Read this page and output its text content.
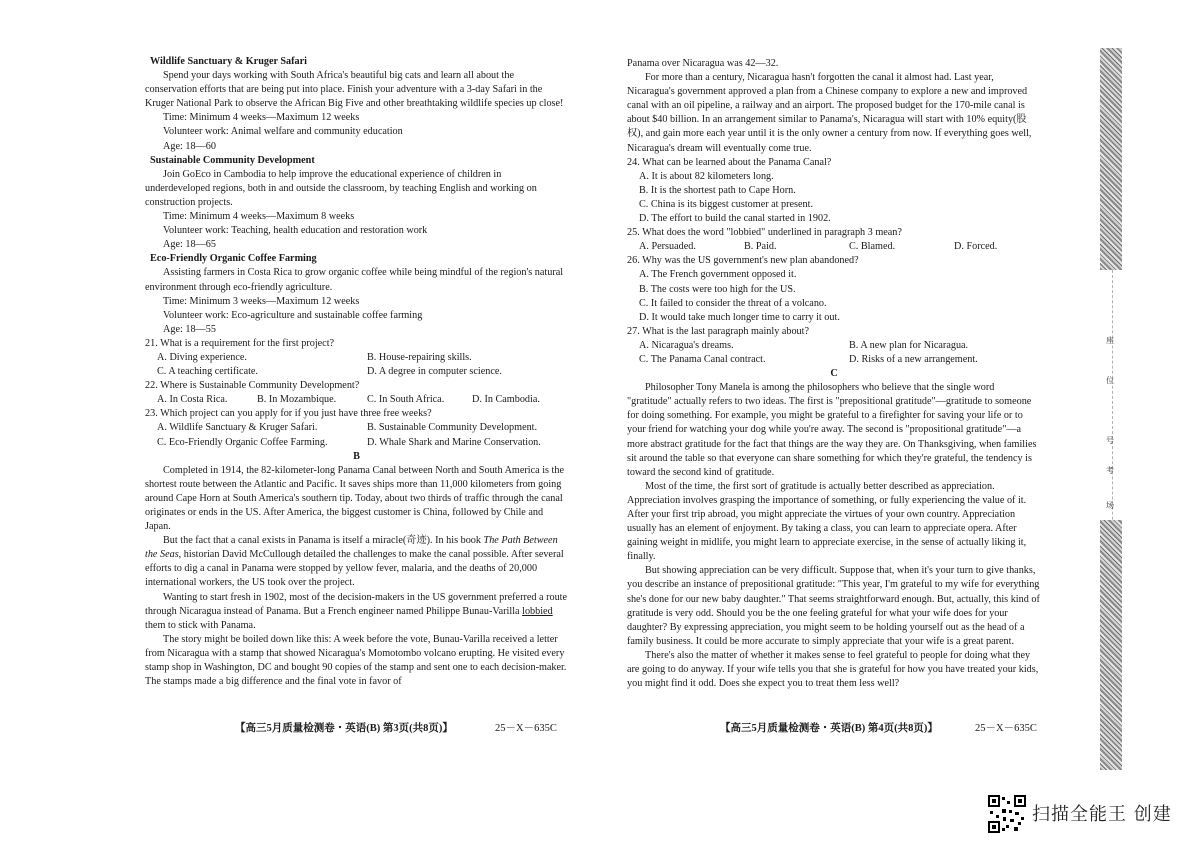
Wildlife Sanctuary & Kruger Safari

Spend your days working with South Africa's beautiful big cats and learn all about the conservation efforts that are being put into place. Finish your adventure with a 3-day Safari in the Kruger National Park to observe the African Big Five and other breathtaking wildlife species up close!

Time: Minimum 4 weeks—Maximum 12 weeks

Volunteer work: Animal welfare and community education

Age: 18—60

Sustainable Community Development

Join GoEco in Cambodia to help improve the educational experience of children in underdeveloped regions, both in and outside the classroom, by teaching English and working on construction projects.

Time: Minimum 4 weeks—Maximum 8 weeks

Volunteer work: Teaching, health education and restoration work

Age: 18—65

Eco-Friendly Organic Coffee Farming

Assisting farmers in Costa Rica to grow organic coffee while being mindful of the region's natural environment through eco-friendly agriculture.

Time: Minimum 3 weeks—Maximum 12 weeks

Volunteer work: Eco-agriculture and sustainable coffee farming

Age: 18—55

21. What is a requirement for the first project?

A. Diving experience.	B. House-repairing skills.
C. A teaching certificate.	D. A degree in computer science.

22. Where is Sustainable Community Development?

A. In Costa Rica.	B. In Mozambique.	C. In South Africa.	D. In Cambodia.

23. Which project can you apply for if you just have three free weeks?

A. Wildlife Sanctuary & Kruger Safari.	B. Sustainable Community Development.
C. Eco-Friendly Organic Coffee Farming.	D. Whale Shark and Marine Conservation.

B

Completed in 1914, the 82-kilometer-long Panama Canal between North and South America is the shortest route between the Atlantic and Pacific. It saves ships more than 11,000 kilometers from going around Cape Horn at South America's southern tip. Today, about two thirds of traffic through the canal originates or ends in the US. After America, the biggest customer is China, followed by Chile and Japan.

But the fact that a canal exists in Panama is itself a miracle(奇迹). In his book The Path Between the Seas, historian David McCullough detailed the challenges to make the canal possible. After several efforts to dig a canal in Panama were stopped by yellow fever, malaria, and the deaths of 20,000 international workers, the US took over the project.

Wanting to start fresh in 1902, most of the decision-makers in the US government preferred a route through Nicaragua instead of Panama. But a French engineer named Philippe Bunau-Varilla lobbied them to stick with Panama.

The story might be boiled down like this: A week before the vote, Bunau-Varilla received a letter from Nicaragua with a stamp that showed Nicaragua's Momotombo volcano erupting. He visited every stamp shop in Washington, DC and bought 90 copies of the stamp and sent one to each decision-maker. The stamps made a big difference and the final vote in favor of

【高三5月质量检测卷・英语(B) 第3页(共8页)】	25－X－635C

Panama over Nicaragua was 42—32.

For more than a century, Nicaragua hasn't forgotten the canal it almost had. Last year, Nicaragua's government approved a plan from a Chinese company to explore a new and improved canal with an oil pipeline, a railway and an airport. The proposed budget for the 170-mile canal is about $40 billion. In an arrangement similar to Panama's, Nicaragua will start with 10% equity(股权), and gain more each year until it is the only owner a century from now. If everything goes well, Nicaragua's dream will eventually come true.

24. What can be learned about the Panama Canal?

A. It is about 82 kilometers long.

B. It is the shortest path to Cape Horn.

C. China is its biggest customer at present.

D. The effort to build the canal started in 1902.

25. What does the word "lobbied" underlined in paragraph 3 mean?

A. Persuaded.	B. Paid.	C. Blamed.	D. Forced.

26. Why was the US government's new plan abandoned?

A. The French government opposed it.

B. The costs were too high for the US.

C. It failed to consider the threat of a volcano.

D. It would take much longer time to carry it out.

27. What is the last paragraph mainly about?

A. Nicaragua's dreams.	B. A new plan for Nicaragua.
C. The Panama Canal contract.	D. Risks of a new arrangement.

C

Philosopher Tony Manela is among the philosophers who believe that the single word "gratitude" actually refers to two ideas. The first is "prepositional gratitude"—gratitude to someone for doing something. For example, you might be grateful to a firefighter for saving your life or to your friend for watching your dog while you're away. The second is "propositional gratitude"—a more abstract gratitude for the fact that things are the way they are. On Thanksgiving, when families sit around the table so that everyone can share something for which they're grateful, the tendency is toward the second kind of gratitude.

Most of the time, the first sort of gratitude is actually better described as appreciation. Appreciation involves grasping the importance of something, or fully experiencing the value of it. After your first trip abroad, you might appreciate the virtues of your own country. Appreciation usually has an element of enjoyment. By taking a class, you can learn to appreciate opera. After gaining weight in midlife, you might learn to appreciate exercise, in the sense of actually liking it, finally.

But showing appreciation can be very difficult. Suppose that, when it's your turn to give thanks, you describe an instance of prepositional gratitude: "This year, I'm grateful to my wife for everything she's done for our new baby daughter." That seems straightforward enough. But, actually, this kind of gratitude is very odd. Should you be the one feeling grateful for what your wife does for your daughter? By expressing appreciation, you might seem to be holding yourself out as the head of a family business. It could be more accurate to simply appreciate that your wife is a great parent.

There's also the matter of whether it makes sense to feel grateful to people for doing what they are going to do anyway. If your wife tells you that she is grateful for how you have treated your kids, you might find it odd. Does she expect you to treat them less well?

【高三5月质量检测卷・英语(B) 第4页(共8页)】	25－X－635C
座
位
号
考
场
扫描全能王 创建
